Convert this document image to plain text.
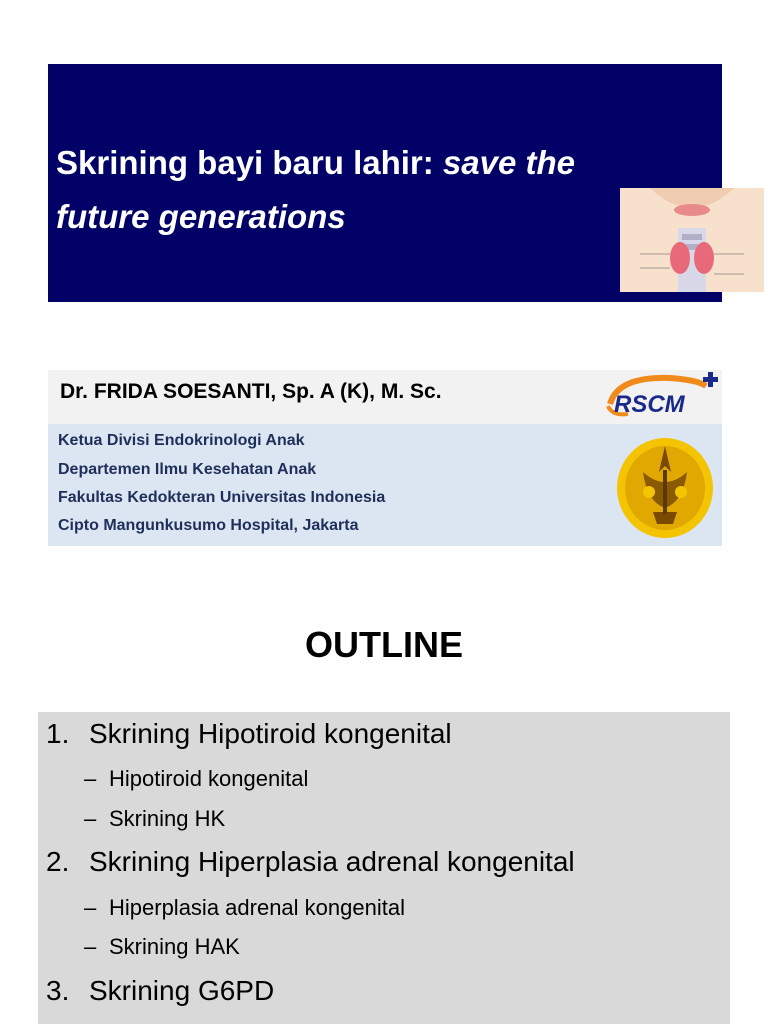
Skrining bayi baru lahir: save the
future generations
Dr. FRIDA SOESANTI, Sp. A (K), M. Sc.	RSCM
Ketua Divisi Endokrinologi Anak
Departemen Ilmu Kesehatan Anak
Fakultas Kedokteran Universitas Indonesia
Cipto Mangunkusumo Hospital, Jakarta
OUTLINE
1. Skrining Hipotiroid kongenital
– Hipotiroid kongenital
– Skrining HK
2. Skrining Hiperplasia adrenal kongenital
– Hiperplasia adrenal kongenital
– Skrining HAK
3. Skrining G6PD
